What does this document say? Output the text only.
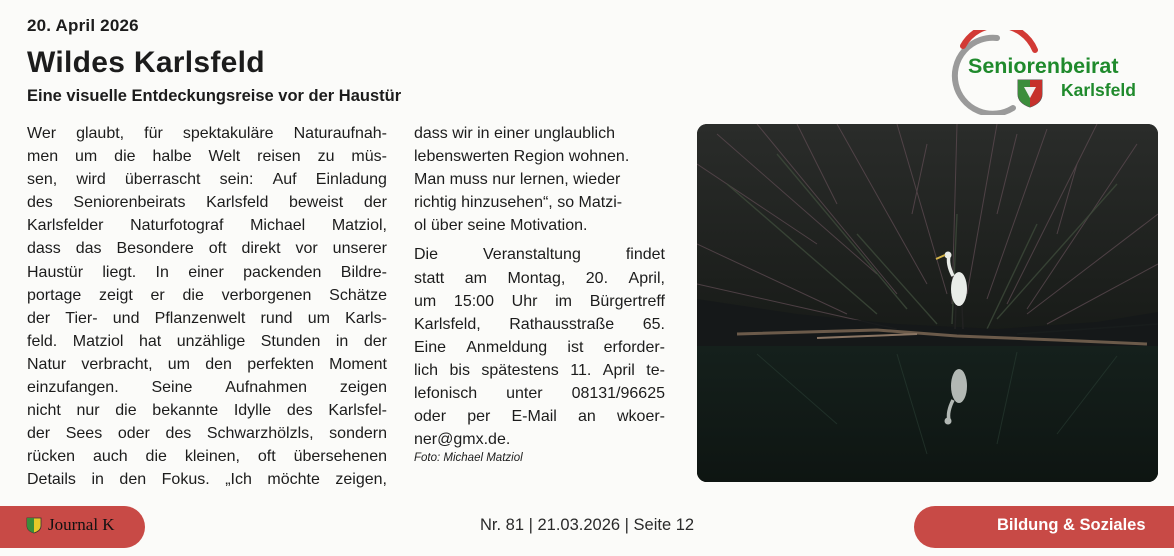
20. April 2026
Wildes Karlsfeld
Eine visuelle Entdeckungsreise vor der Haustür
Seniorenbeirat
Karlsfeld
Wer glaubt, für spektakuläre Naturaufnah-
men um die halbe Welt reisen zu müs-
sen, wird überrascht sein: Auf Einladung
des Seniorenbeirats Karlsfeld beweist der
Karlsfelder Naturfotograf Michael Matziol,
dass das Besondere oft direkt vor unserer
Haustür liegt. In einer packenden Bildre-
portage zeigt er die verborgenen Schätze
der Tier- und Pflanzenwelt rund um Karls-
feld. Matziol hat unzählige Stunden in der
Natur verbracht, um den perfekten Moment
einzufangen. Seine Aufnahmen zeigen
nicht nur die bekannte Idylle des Karlsfel-
der Sees oder des Schwarzhölzls, sondern
rücken auch die kleinen, oft übersehenen
Details in den Fokus. „Ich möchte zeigen,
dass wir in einer unglaublich
lebenswerten Region wohnen.
Man muss nur lernen, wieder
richtig hinzusehen“, so Matzi-
ol über seine Motivation.
Die	Veranstaltung	findet
statt am Montag, 20. April,
um 15:00 Uhr im Bürgertreff
Karlsfeld, Rathausstraße 65.
Eine Anmeldung ist erforder-
lich bis spätestens 11. April te-
lefonisch unter 08131/96625
oder per E-Mail an wkoer-
ner@gmx.de.
Foto: Michael Matziol
Journal K	Nr. 81 | 21.03.2026 | Seite 12	Bildung & Soziales
